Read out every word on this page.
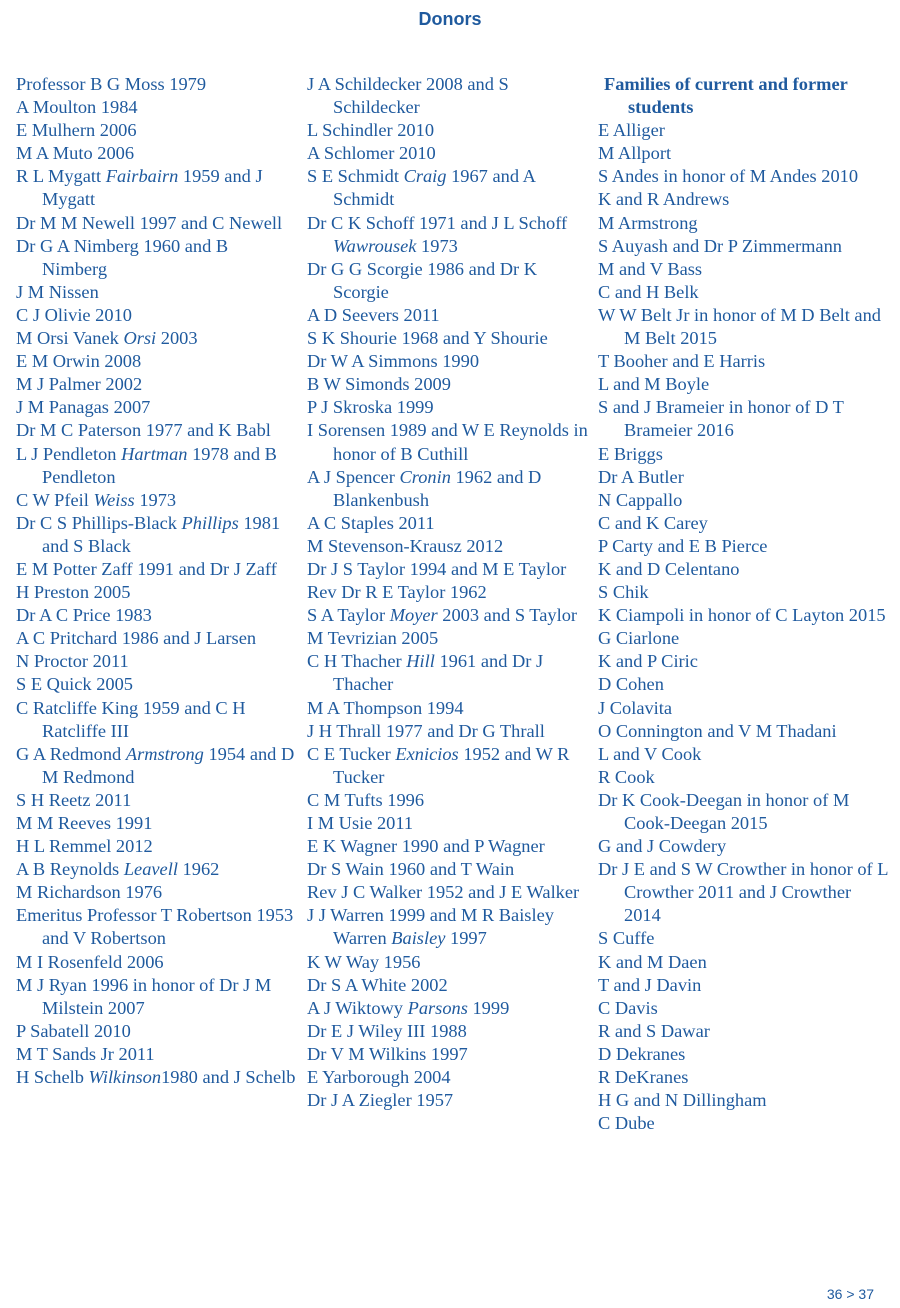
Donors
Professor B G Moss 1979
A Moulton 1984
E Mulhern 2006
M A Muto 2006
R L Mygatt Fairbairn 1959 and J Mygatt
Dr M M Newell 1997 and C Newell
Dr G A Nimberg 1960 and B Nimberg
J M Nissen
C J Olivie 2010
M Orsi Vanek Orsi 2003
E M Orwin 2008
M J Palmer 2002
J M Panagas 2007
Dr M C Paterson 1977 and K Babl
L J Pendleton Hartman 1978 and B Pendleton
C W Pfeil Weiss 1973
Dr C S Phillips-Black Phillips 1981 and S Black
E M Potter Zaff 1991 and Dr J Zaff
H Preston 2005
Dr A C Price 1983
A C Pritchard 1986 and J Larsen
N Proctor 2011
S E Quick 2005
C Ratcliffe King 1959 and C H Ratcliffe III
G A Redmond Armstrong 1954 and D M Redmond
S H Reetz 2011
M M Reeves 1991
H L Remmel 2012
A B Reynolds Leavell 1962
M Richardson 1976
Emeritus Professor T Robertson 1953 and V Robertson
M I Rosenfeld 2006
M J Ryan 1996 in honor of Dr J M Milstein 2007
P Sabatell 2010
M T Sands Jr 2011
H Schelb Wilkinson1980 and J Schelb
J A Schildecker 2008 and S Schildecker
L Schindler 2010
A Schlomer 2010
S E Schmidt Craig 1967 and A Schmidt
Dr C K Schoff 1971 and J L Schoff Wawrousek 1973
Dr G G Scorgie 1986 and Dr K Scorgie
A D Seevers 2011
S K Shourie 1968 and Y Shourie
Dr W A Simmons 1990
B W Simonds 2009
P J Skroska 1999
I Sorensen 1989 and W E Reynolds in honor of B Cuthill
A J Spencer Cronin 1962 and D Blankenbush
A C Staples 2011
M Stevenson-Krausz 2012
Dr J S Taylor 1994 and M E Taylor
Rev Dr R E Taylor 1962
S A Taylor Moyer 2003 and S Taylor
M Tevrizian 2005
C H Thacher Hill 1961 and Dr J Thacher
M A Thompson 1994
J H Thrall 1977 and Dr G Thrall
C E Tucker Exnicios 1952 and W R Tucker
C M Tufts 1996
I M Usie 2011
E K Wagner 1990 and P Wagner
Dr S Wain 1960 and T Wain
Rev J C Walker 1952 and J E Walker
J J Warren 1999 and M R Baisley Warren Baisley 1997
K W Way 1956
Dr S A White 2002
A J Wiktowy Parsons 1999
Dr E J Wiley III 1988
Dr V M Wilkins 1997
E Yarborough 2004
Dr J A Ziegler 1957
Families of current and former students
E Alliger
M Allport
S Andes in honor of M Andes 2010
K and R Andrews
M Armstrong
S Auyash and Dr P Zimmermann
M and V Bass
C and H Belk
W W Belt Jr in honor of M D Belt and M Belt 2015
T Booher and E Harris
L and M Boyle
S and J Brameier in honor of D T Brameier 2016
E Briggs
Dr A Butler
N Cappallo
C and K Carey
P Carty and E B Pierce
K and D Celentano
S Chik
K Ciampoli in honor of C Layton 2015
G Ciarlone
K and P Ciric
D Cohen
J Colavita
O Connington and V M Thadani
L and V Cook
R Cook
Dr K Cook-Deegan in honor of M Cook-Deegan 2015
G and J Cowdery
Dr J E and S W Crowther in honor of L Crowther 2011 and J Crowther 2014
S Cuffe
K and M Daen
T and J Davin
C Davis
R and S Dawar
D Dekranes
R DeKranes
H G and N Dillingham
C Dube
36 > 37
